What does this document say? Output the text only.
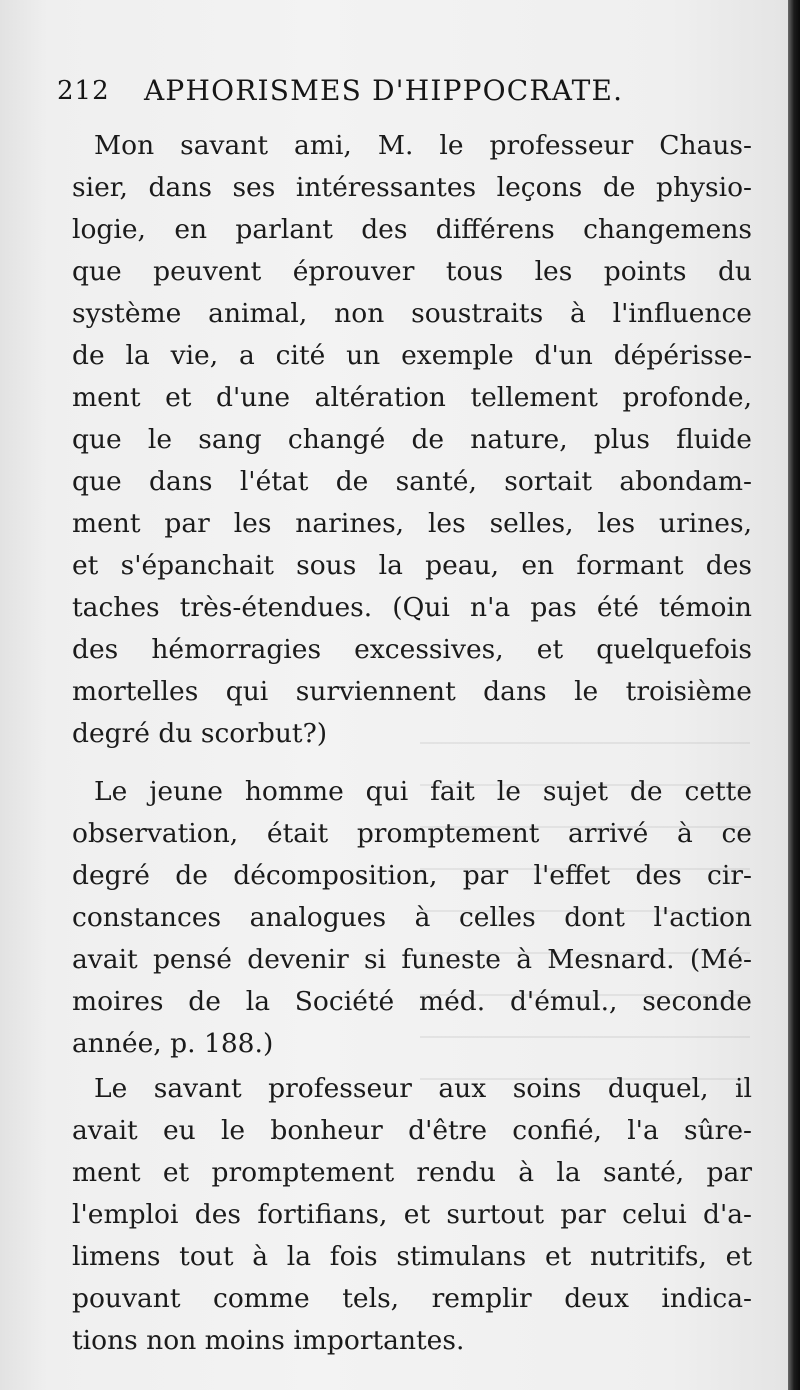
212 APHORISMES D'HIPPOCRATE.
Mon savant ami, M. le professeur Chaus-
sier, dans ses intéressantes leçons de physio-
logie, en parlant des différens changemens
que peuvent éprouver tous les points du
système animal, non soustraits à l'influence
de la vie, a cité un exemple d'un dépérisse-
ment et d'une altération tellement profonde,
que le sang changé de nature, plus fluide
que dans l'état de santé, sortait abondam-
ment par les narines, les selles, les urines,
et s'épanchait sous la peau, en formant des
taches très-étendues. (Qui n'a pas été témoin
des hémorragies excessives, et quelquefois
mortelles qui surviennent dans le troisième
degré du scorbut?)
Le jeune homme qui fait le sujet de cette
observation, était promptement arrivé à ce
degré de décomposition, par l'effet des cir-
constances analogues à celles dont l'action
avait pensé devenir si funeste à Mesnard. (Mé-
moires de la Société méd. d'émul., seconde
année, p. 188.)
Le savant professeur aux soins duquel, il
avait eu le bonheur d'être confié, l'a sûre-
ment et promptement rendu à la santé, par
l'emploi des fortifians, et surtout par celui d'a-
limens tout à la fois stimulans et nutritifs, et
pouvant comme tels, remplir deux indica-
tions non moins importantes.
